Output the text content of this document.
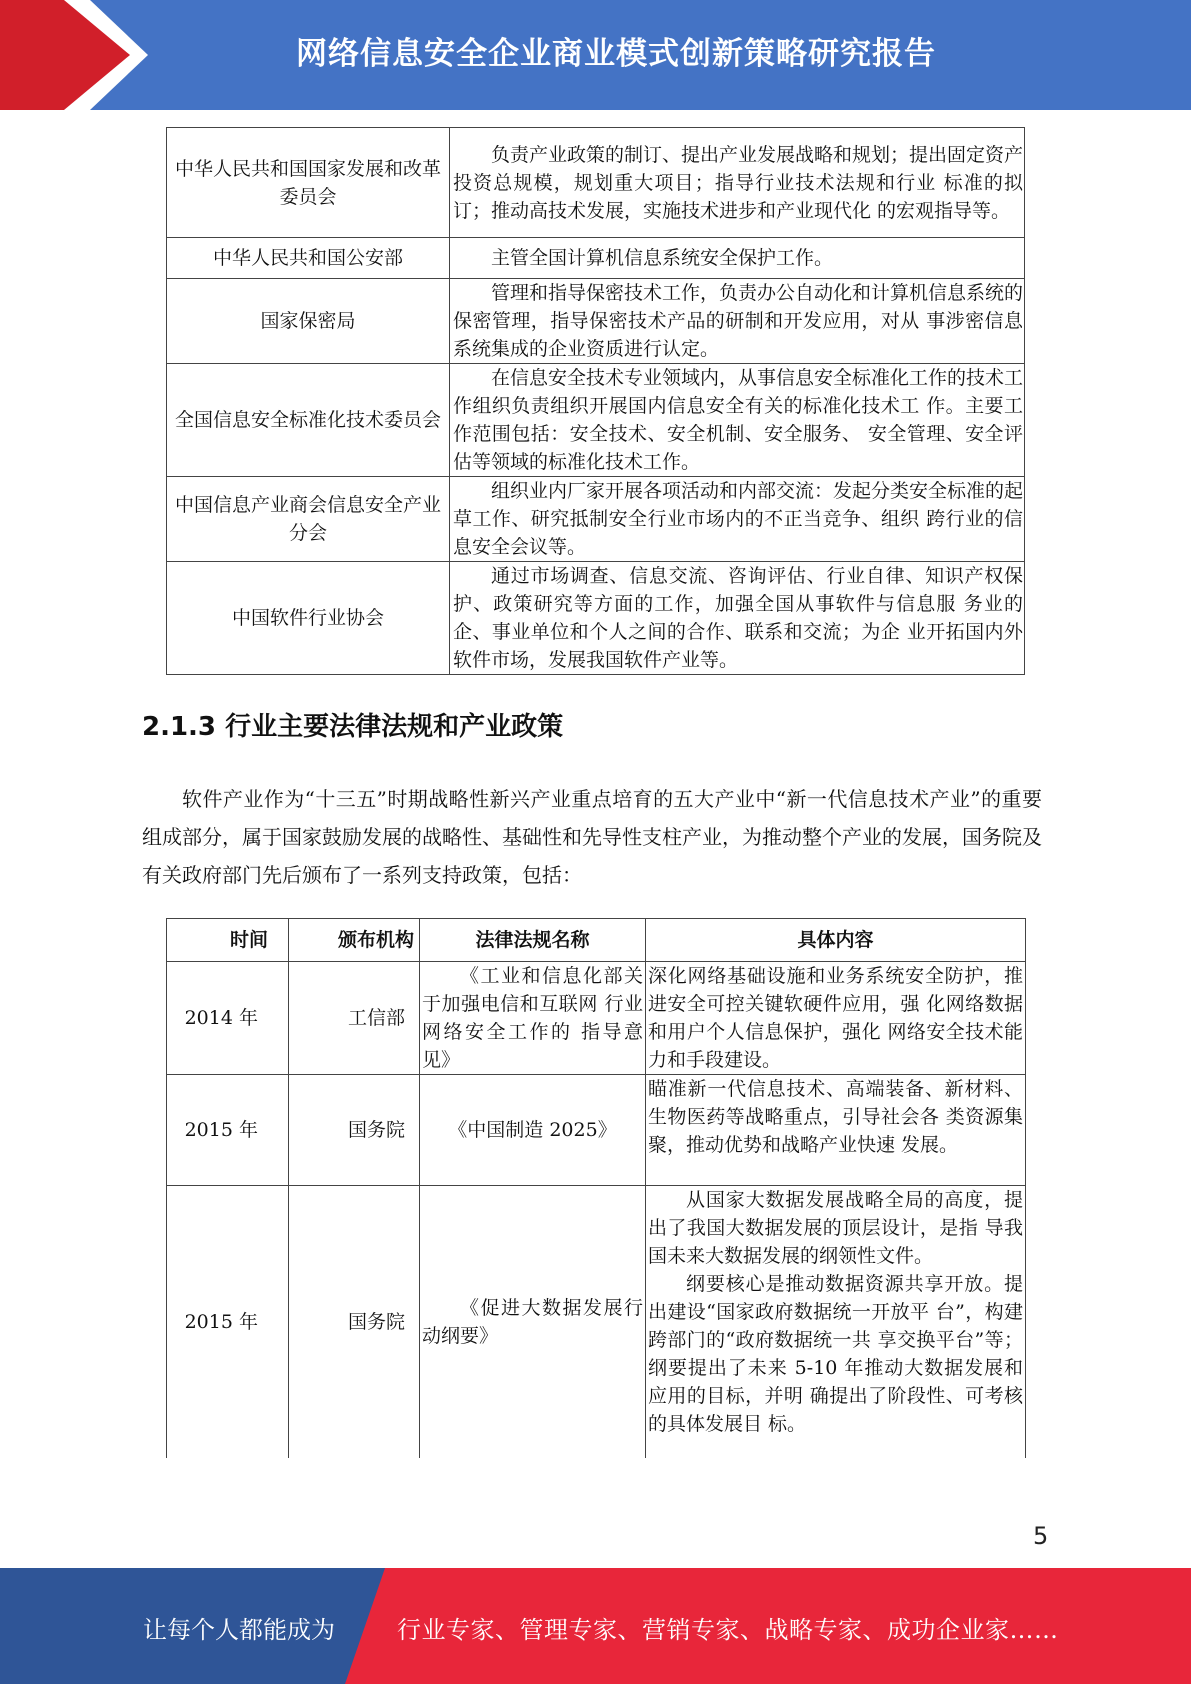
网络信息安全企业商业模式创新策略研究报告
中华人民共和国国家发展和改革委员会	负责产业政策的制订、提出产业发展战略和规划；提出固定资产投资总规模，规划重大项目；指导行业技术法规和行业 标准的拟订；推动高技术发展，实施技术进步和产业现代化 的宏观指导等。
中华人民共和国公安部	主管全国计算机信息系统安全保护工作。
国家保密局	管理和指导保密技术工作，负责办公自动化和计算机信息系统的保密管理，指导保密技术产品的研制和开发应用，对从 事涉密信息系统集成的企业资质进行认定。
全国信息安全标准化技术委员会	在信息安全技术专业领域内，从事信息安全标准化工作的技术工作组织负责组织开展国内信息安全有关的标准化技术工 作。主要工作范围包括：安全技术、安全机制、安全服务、 安全管理、安全评估等领域的标准化技术工作。
中国信息产业商会信息安全产业分会	组织业内厂家开展各项活动和内部交流：发起分类安全标准的起草工作、研究抵制安全行业市场内的不正当竞争、组织 跨行业的信息安全会议等。
中国软件行业协会	通过市场调查、信息交流、咨询评估、行业自律、知识产权保护、政策研究等方面的工作，加强全国从事软件与信息服 务业的企、事业单位和个人之间的合作、联系和交流；为企 业开拓国内外软件市场，发展我国软件产业等。
2.1.3 行业主要法律法规和产业政策

软件产业作为“十三五”时期战略性新兴产业重点培育的五大产业中“新一代信息技术产业”的重要组成部分，属于国家鼓励发展的战略性、基础性和先导性支柱产业，为推动整个产业的发展，国务院及有关政府部门先后颁布了一系列支持政策，包括：

时间	颁布机构	法律法规名称	具体内容
2014 年	工信部	《工业和信息化部关于加强电信和互联网 行业网络安全工作的 指导意见》	深化网络基础设施和业务系统安全防护，推进安全可控关键软硬件应用，强 化网络数据和用户个人信息保护，强化 网络安全技术能力和手段建设。

2015 年	国务院	《中国制造 2025》	瞄准新一代信息技术、高端装备、新材料、生物医药等战略重点，引导社会各 类资源集聚，推动优势和战略产业快速 发展。

2015 年	国务院	《促进大数据发展行动纲要》	从国家大数据发展战略全局的高度，提出了我国大数据发展的顶层设计，是指 导我国未来大数据发展的纲领性文件。

纲要核心是推动数据资源共享开放。提出建设“国家政府数据统一开放平 台”，构建跨部门的“政府数据统一共 享交换平台”等；纲要提出了未来 5-10 年推动大数据发展和应用的目标，并明 确提出了阶段性、可考核的具体发展目 标。

5
让每个人都能成为	行业专家、管理专家、营销专家、战略专家、成功企业家……
